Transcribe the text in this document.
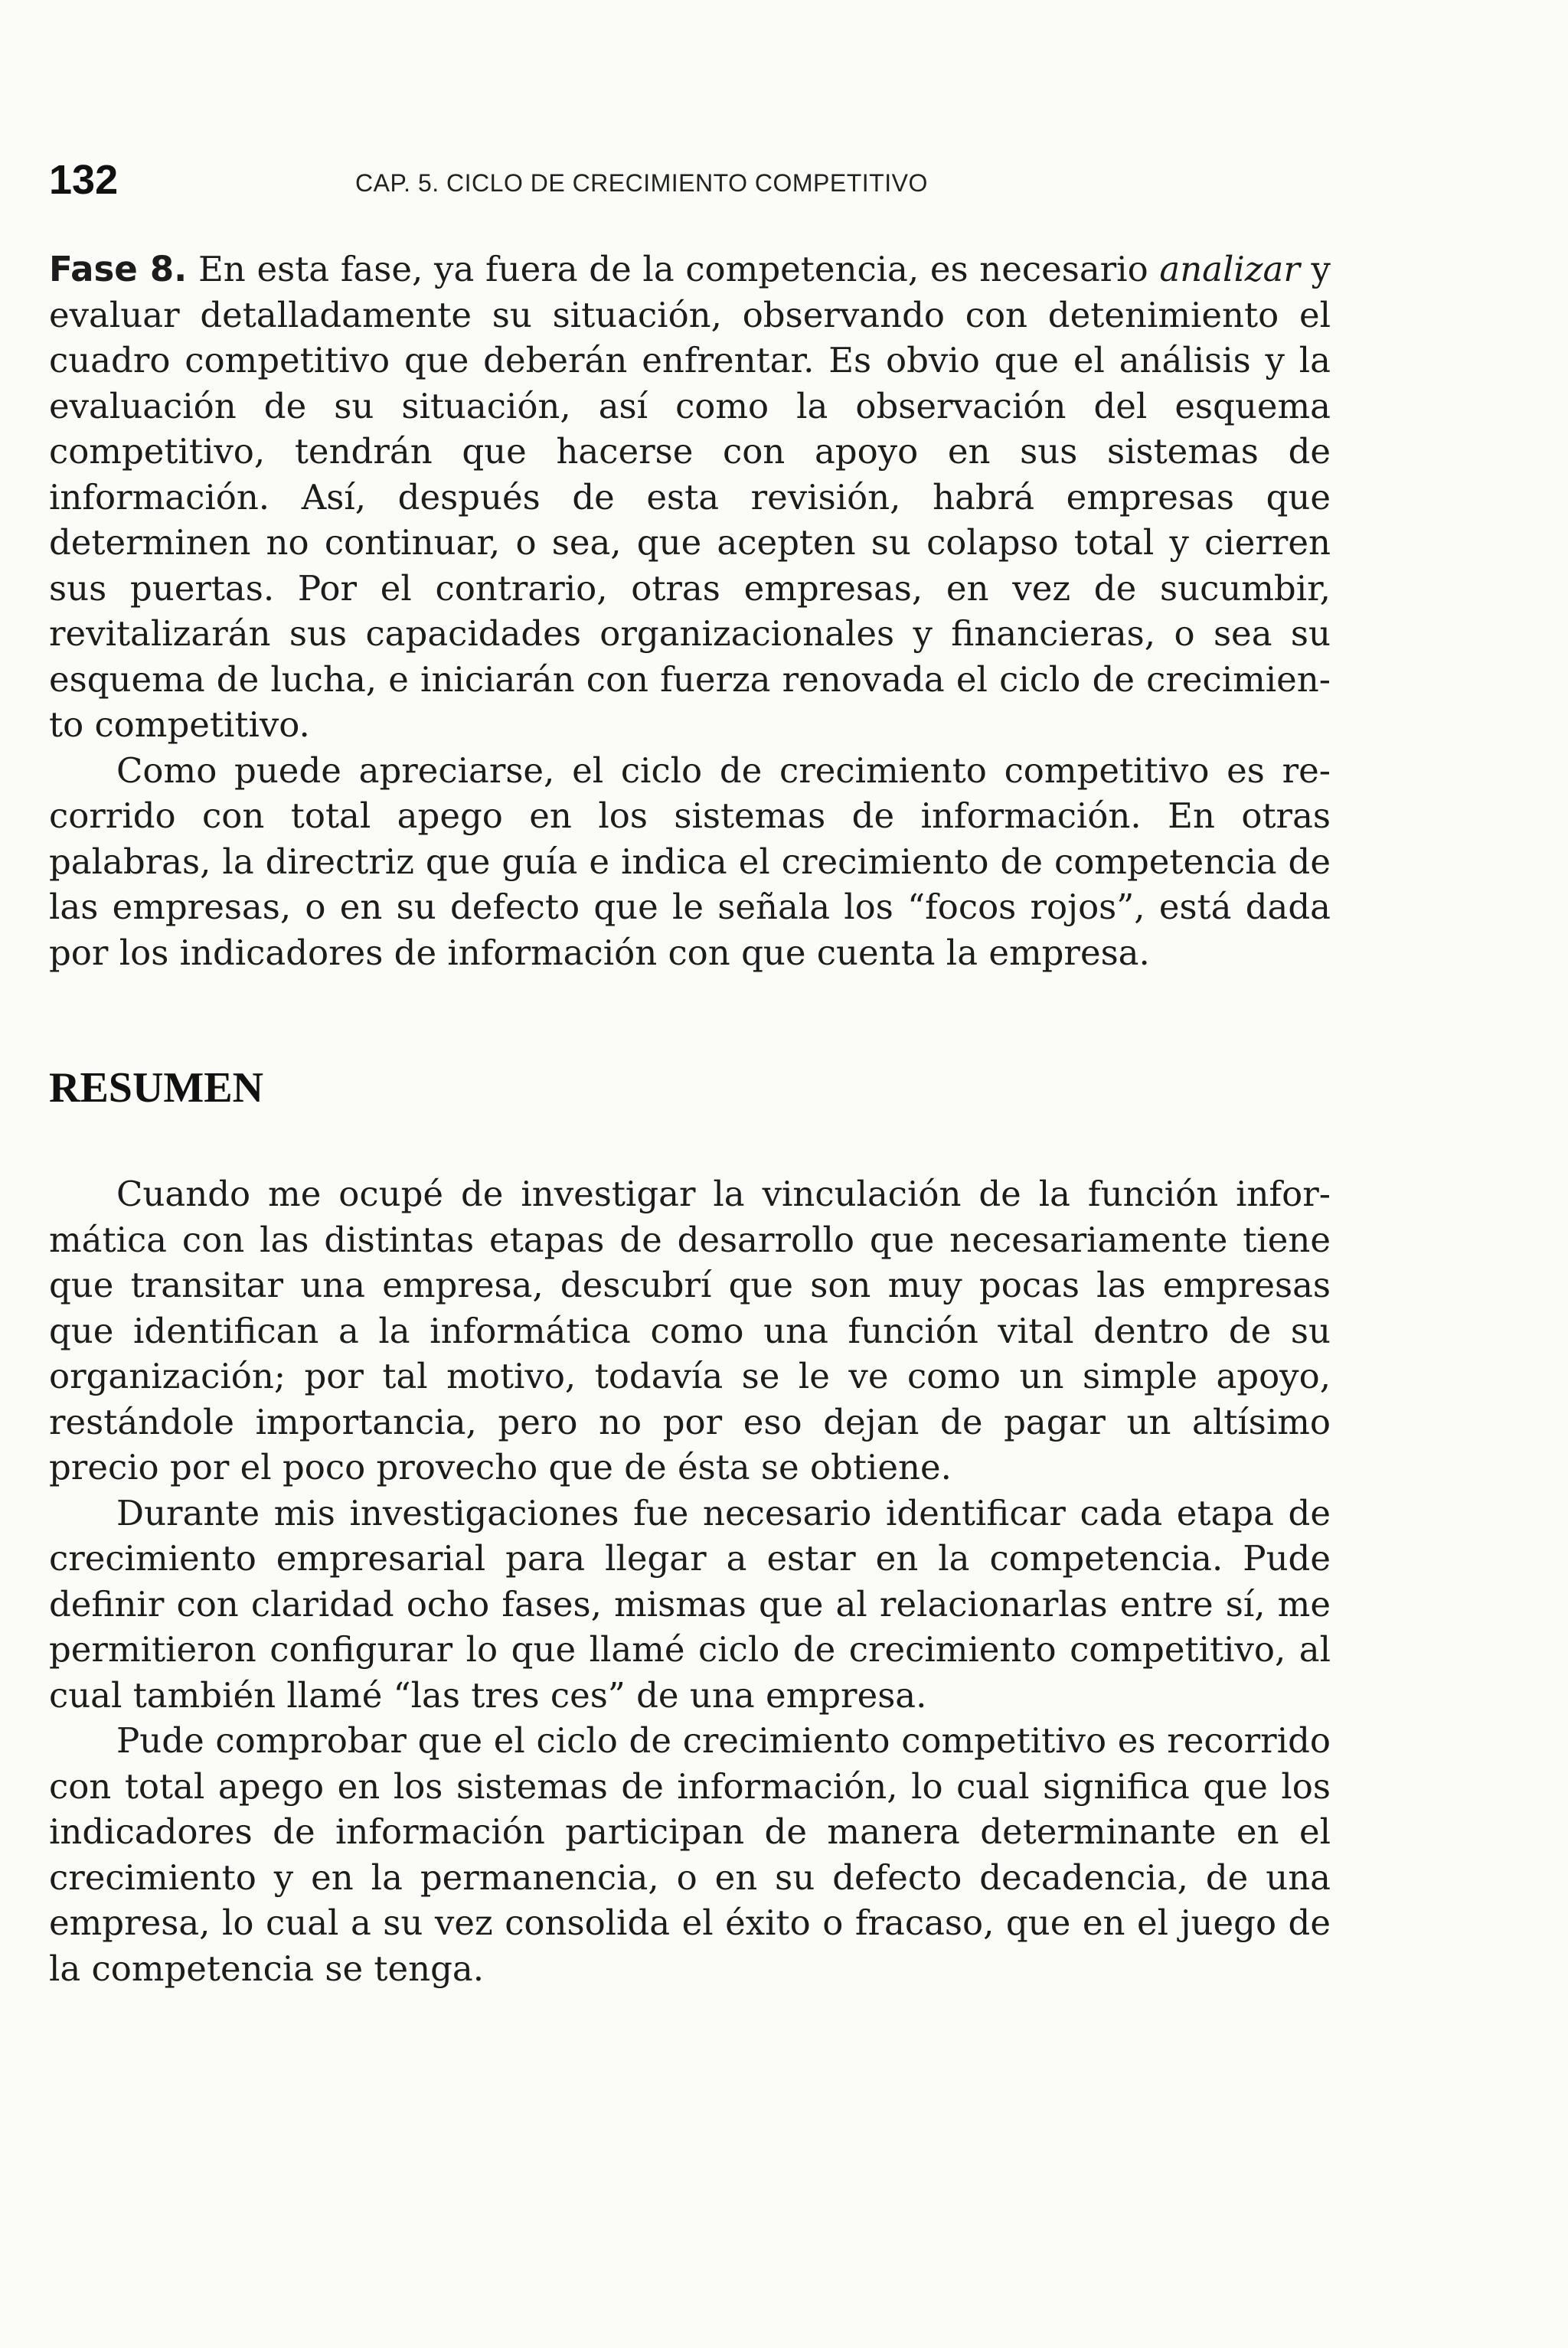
132	CAP. 5. CICLO DE CRECIMIENTO COMPETITIVO

Fase 8. En esta fase, ya fuera de la competencia, es necesario analizar y evaluar detalladamente su situación, observando con detenimiento el cuadro competitivo que deberán enfrentar. Es obvio que el análisis y la evaluación de su situación, así como la observación del esquema competitivo, tendrán que hacerse con apoyo en sus sistemas de información. Así, después de esta revisión, habrá empresas que determinen no continuar, o sea, que acepten su colapso total y cierren sus puertas. Por el contrario, otras empresas, en vez de sucumbir, revitalizarán sus capacidades organizacionales y financieras, o sea su esquema de lucha, e iniciarán con fuerza renovada el ciclo de crecimiento competitivo.

Como puede apreciarse, el ciclo de crecimiento competitivo es recorrido con total apego en los sistemas de información. En otras palabras, la directriz que guía e indica el crecimiento de competencia de las empresas, o en su defecto que le señala los “focos rojos”, está dada por los indicadores de información con que cuenta la empresa.

RESUMEN

Cuando me ocupé de investigar la vinculación de la función informática con las distintas etapas de desarrollo que necesariamente tiene que transitar una empresa, descubrí que son muy pocas las empresas que identifican a la informática como una función vital dentro de su organización; por tal motivo, todavía se le ve como un simple apoyo, restándole importancia, pero no por eso dejan de pagar un altísimo precio por el poco provecho que de ésta se obtiene.

Durante mis investigaciones fue necesario identificar cada etapa de crecimiento empresarial para llegar a estar en la competencia. Pude definir con claridad ocho fases, mismas que al relacionarlas entre sí, me permitieron configurar lo que llamé ciclo de crecimiento competitivo, al cual también llamé “las tres ces” de una empresa.

Pude comprobar que el ciclo de crecimiento competitivo es recorrido con total apego en los sistemas de información, lo cual significa que los indicadores de información participan de manera determinante en el crecimiento y en la permanencia, o en su defecto decadencia, de una empresa, lo cual a su vez consolida el éxito o fracaso, que en el juego de la competencia se tenga.
